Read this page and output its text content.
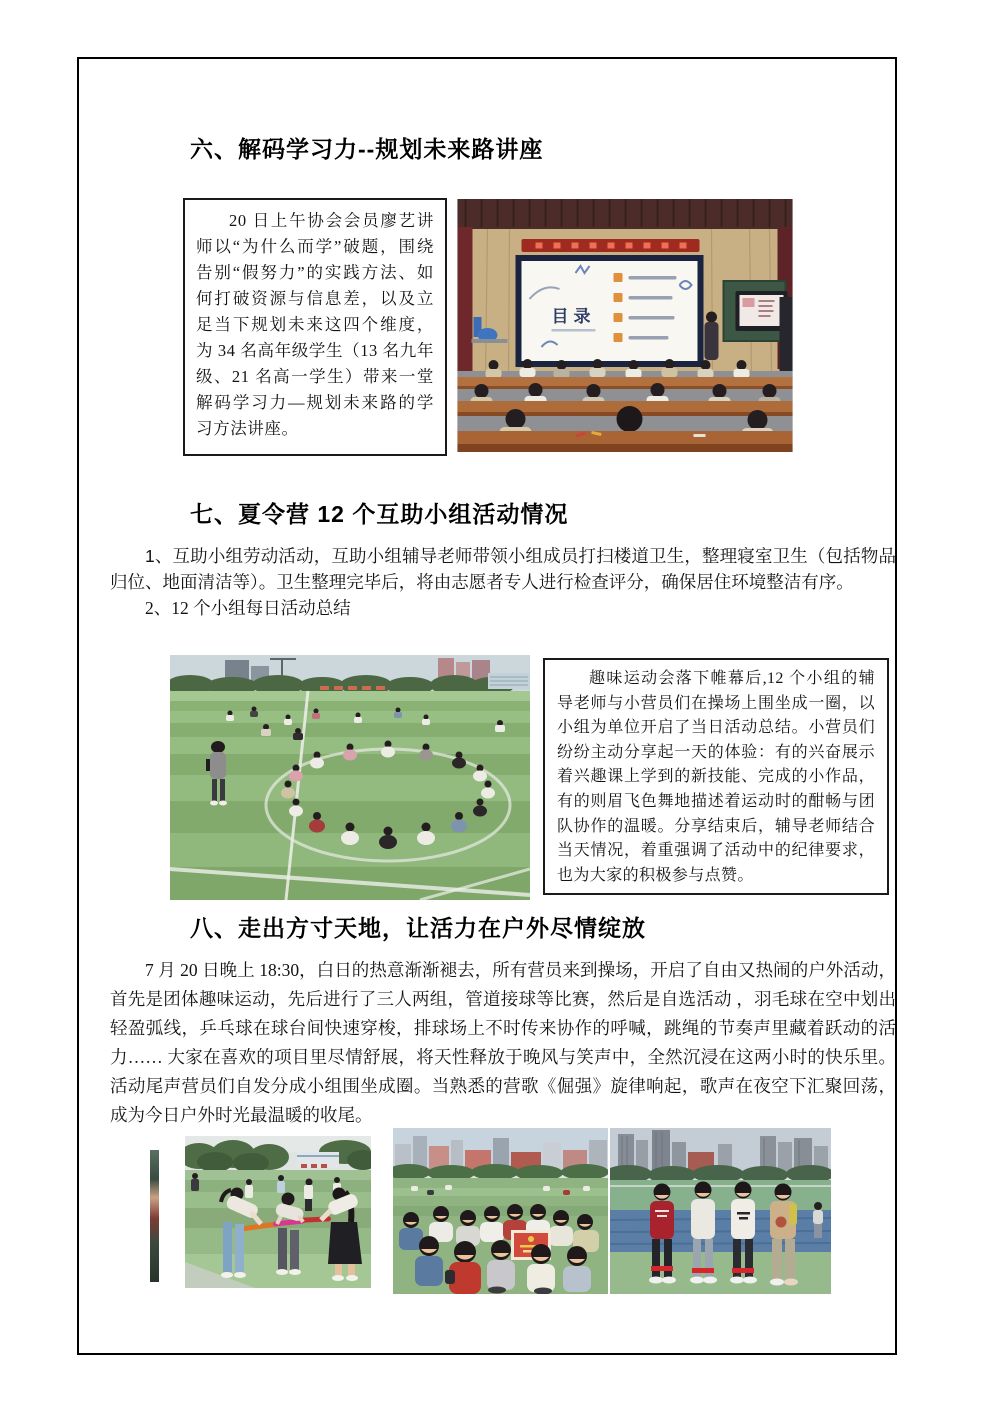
六、解码学习力--规划未来路讲座
20 日上午协会会员廖艺讲师以“为什么而学”破题，围绕告别“假努力”的实践方法、如何打破资源与信息差，以及立足当下规划未来这四个维度，为 34 名高年级学生（13 名九年级、21 名高一学生）带来一堂解码学习力—规划未来路的学习方法讲座。
目录
七、夏令营 12 个互助小组活动情况

1、互助小组劳动活动，互助小组辅导老师带领小组成员打扫楼道卫生，整理寝室卫生（包括物品归位、地面清洁等）。卫生整理完毕后，将由志愿者专人进行检查评分，确保居住环境整洁有序。

2、12 个小组每日活动总结

趣味运动会落下帷幕后,12 个小组的辅导老师与小营员们在操场上围坐成一圈，以小组为单位开启了当日活动总结。小营员们纷纷主动分享起一天的体验：有的兴奋展示着兴趣课上学到的新技能、完成的小作品，有的则眉飞色舞地描述着运动时的酣畅与团队协作的温暖。分享结束后，辅导老师结合当天情况，着重强调了活动中的纪律要求，也为大家的积极参与点赞。
八、走出方寸天地，让活力在户外尽情绽放

7 月 20 日晚上 18:30，白日的热意渐渐褪去，所有营员来到操场，开启了自由又热闹的户外活动，首先是团体趣味运动，先后进行了三人两组，管道接球等比赛，然后是自选活动 ，羽毛球在空中划出轻盈弧线，乒乓球在球台间快速穿梭，排球场上不时传来协作的呼喊，跳绳的节奏声里藏着跃动的活力…… 大家在喜欢的项目里尽情舒展，将天性释放于晚风与笑声中，全然沉浸在这两小时的快乐里。活动尾声营员们自发分成小组围坐成圈。当熟悉的营歌《倔强》旋律响起，歌声在夜空下汇聚回荡，成为今日户外时光最温暖的收尾。
